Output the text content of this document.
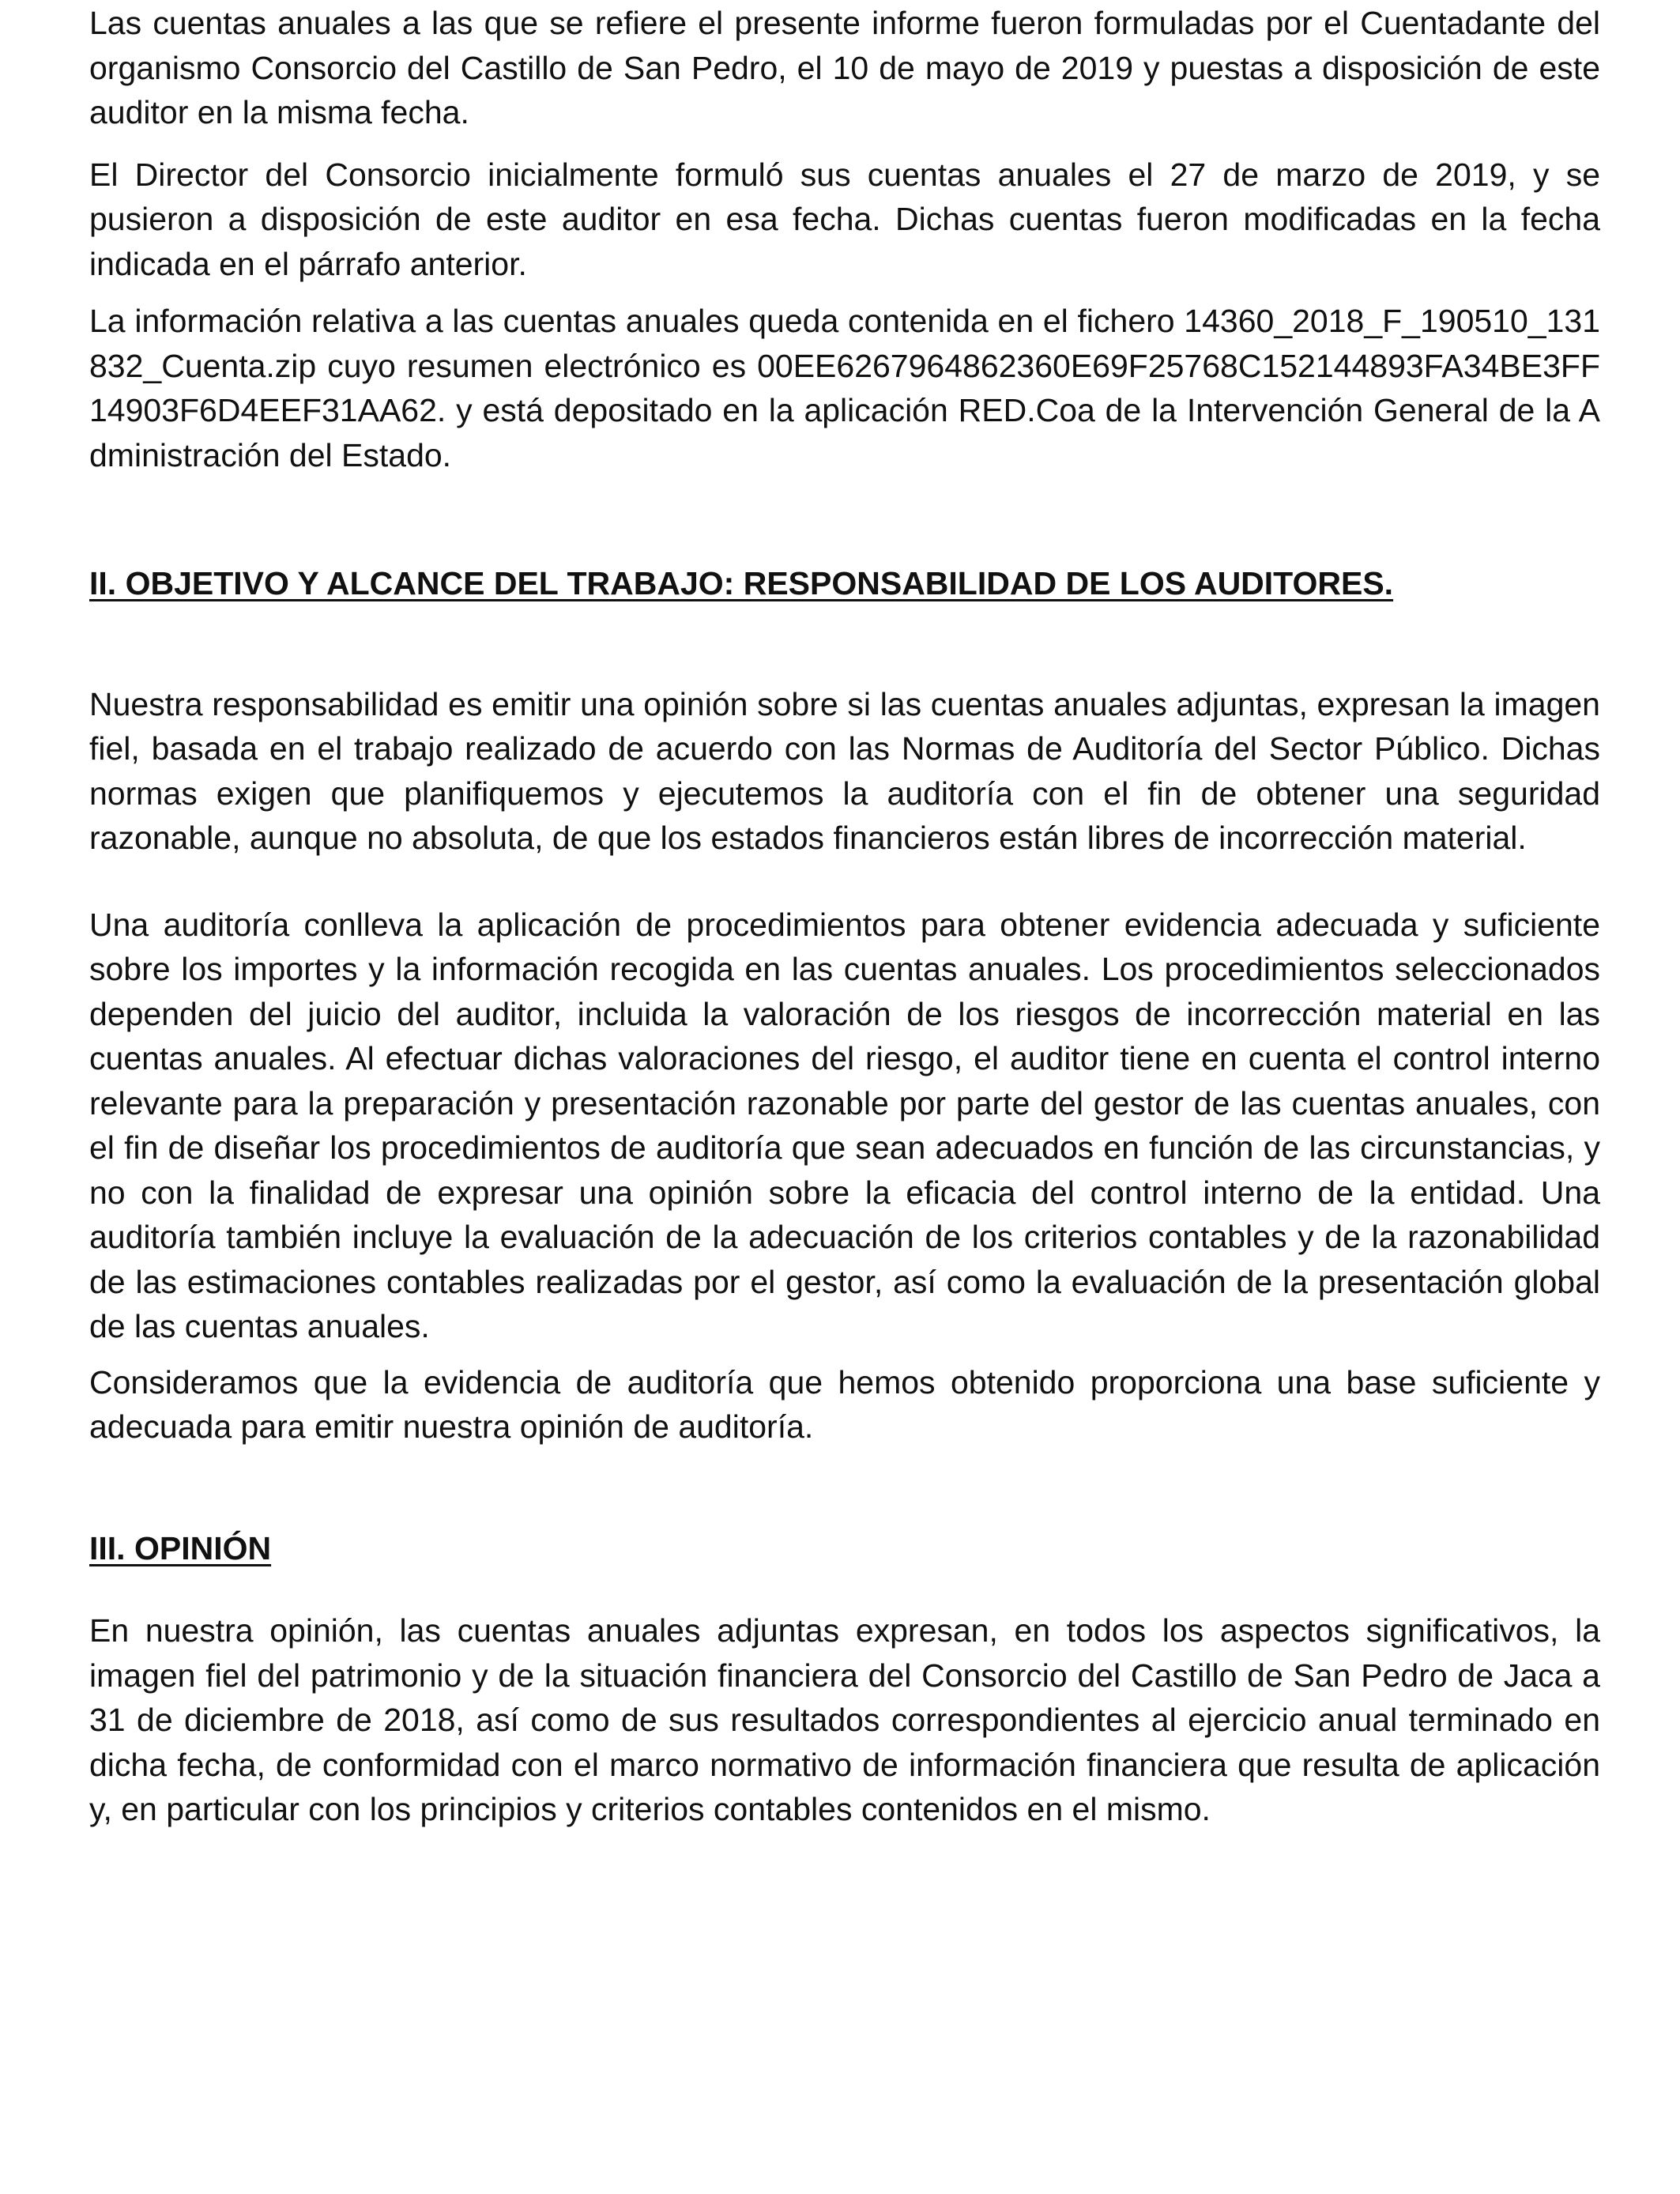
Las cuentas anuales a las que se refiere el presente informe fueron formuladas por el Cuentadante del organismo Consorcio del Castillo de San Pedro, el 10 de mayo de 2019 y puestas a disposición de este auditor en la misma fecha.

El Director del Consorcio inicialmente formuló sus cuentas anuales el 27 de marzo de 2019, y se pusieron a disposición de este auditor en esa fecha. Dichas cuentas fueron modificadas en la fecha indicada en el párrafo anterior.

La información relativa a las cuentas anuales queda contenida en el fichero 14360_2018_F_190510_131832_Cuenta.zip cuyo resumen electrónico es 00EE6267964862360E69F25768C152144893FA34BE3FF14903F6D4EEF31AA62. y está depositado en la aplicación RED.Coa de la Intervención General de la Administración del Estado.

II. OBJETIVO Y ALCANCE DEL TRABAJO: RESPONSABILIDAD DE LOS AUDITORES.

Nuestra responsabilidad es emitir una opinión sobre si las cuentas anuales adjuntas, expresan la imagen fiel, basada en el trabajo realizado de acuerdo con las Normas de Auditoría del Sector Público. Dichas normas exigen que planifiquemos y ejecutemos la auditoría con el fin de obtener una seguridad razonable, aunque no absoluta, de que los estados financieros están libres de incorrección material.

Una auditoría conlleva la aplicación de procedimientos para obtener evidencia adecuada y suficiente sobre los importes y la información recogida en las cuentas anuales. Los procedimientos seleccionados dependen del juicio del auditor, incluida la valoración de los riesgos de incorrección material en las cuentas anuales. Al efectuar dichas valoraciones del riesgo, el auditor tiene en cuenta el control interno relevante para la preparación y presentación razonable por parte del gestor de las cuentas anuales, con el fin de diseñar los procedimientos de auditoría que sean adecuados en función de las circunstancias, y no con la finalidad de expresar una opinión sobre la eficacia del control interno de la entidad. Una auditoría también incluye la evaluación de la adecuación de los criterios contables y de la razonabilidad de las estimaciones contables realizadas por el gestor, así como la evaluación de la presentación global de las cuentas anuales.

Consideramos que la evidencia de auditoría que hemos obtenido proporciona una base suficiente y adecuada para emitir nuestra opinión de auditoría.

III. OPINIÓN

En nuestra opinión, las cuentas anuales adjuntas expresan, en todos los aspectos significativos, la imagen fiel del patrimonio y de la situación financiera del Consorcio del Castillo de San Pedro de Jaca a 31 de diciembre de 2018, así como de sus resultados correspondientes al ejercicio anual terminado en dicha fecha, de conformidad con el marco normativo de información financiera que resulta de aplicación y, en particular con los principios y criterios contables contenidos en el mismo.
